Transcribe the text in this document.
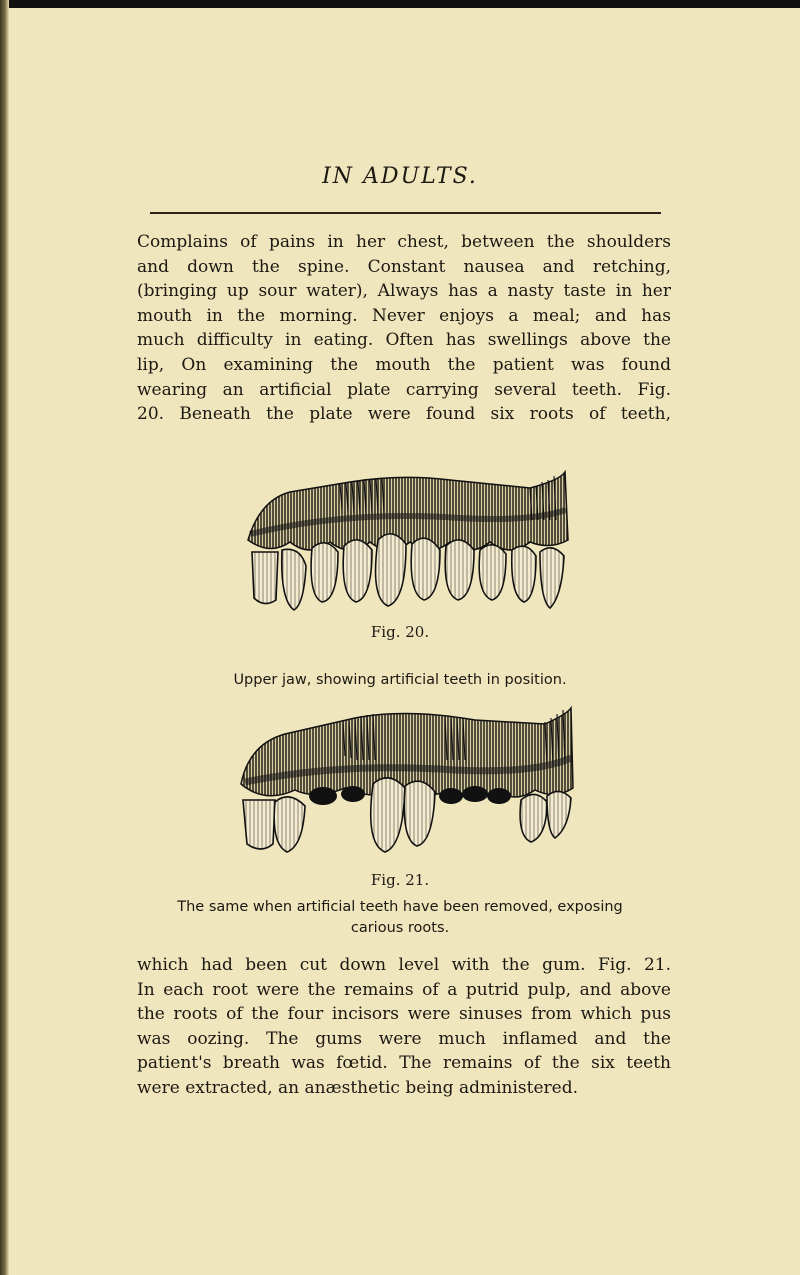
IN ADULTS.

Complains of pains in her chest, between the shoulders
and down the spine. Constant nausea and retching,
(bringing up sour water), Always has a nasty taste in her
mouth in the morning. Never enjoys a meal; and has
much difficulty in eating. Often has swellings above the
lip, On examining the mouth the patient was found
wearing an artificial plate carrying several teeth. Fig.
20. Beneath the plate were found six roots of teeth,

Fig. 20.
Upper jaw, showing artificial teeth in position.
Fig. 21.
The same when artificial teeth have been removed, exposing
carious roots.

which had been cut down level with the gum. Fig. 21.
In each root were the remains of a putrid pulp, and above
the roots of the four incisors were sinuses from which pus
was oozing. The gums were much inflamed and the
patient's breath was fœtid. The remains of the six teeth
were extracted, an anæsthetic being administered.
